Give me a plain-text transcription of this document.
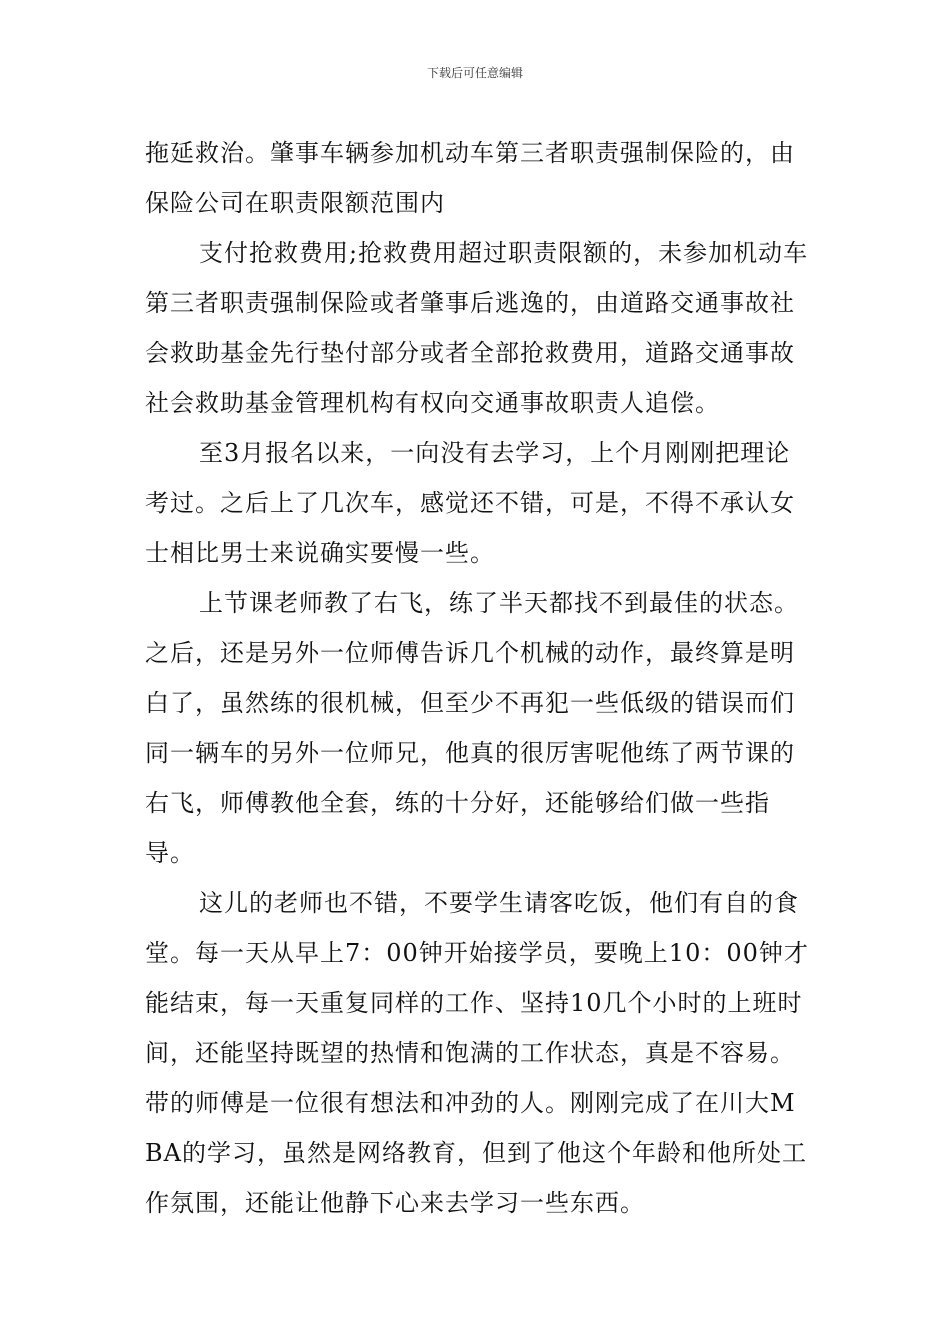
下载后可任意编辑

拖延救治。肇事车辆参加机动车第三者职责强制保险的，由保险公司在职责限额范围内

支付抢救费用;抢救费用超过职责限额的，未参加机动车第三者职责强制保险或者肇事后逃逸的，由道路交通事故社会救助基金先行垫付部分或者全部抢救费用，道路交通事故社会救助基金管理机构有权向交通事故职责人追偿。

至3月报名以来，一向没有去学习，上个月刚刚把理论考过。之后上了几次车，感觉还不错，可是，不得不承认女士相比男士来说确实要慢一些。

上节课老师教了右飞，练了半天都找不到最佳的状态。之后，还是另外一位师傅告诉几个机械的动作，最终算是明白了，虽然练的很机械，但至少不再犯一些低级的错误而们同一辆车的另外一位师兄，他真的很厉害呢他练了两节课的右飞，师傅教他全套，练的十分好，还能够给们做一些指导。

这儿的老师也不错，不要学生请客吃饭，他们有自的食堂。每一天从早上7：00钟开始接学员，要晚上10：00钟才能结束，每一天重复同样的工作、坚持10几个小时的上班时间，还能坚持既望的热情和饱满的工作状态，真是不容易。带的师傅是一位很有想法和冲劲的人。刚刚完成了在川大MBA的学习，虽然是网络教育，但到了他这个年龄和他所处工作氛围，还能让他静下心来去学习一些东西。
